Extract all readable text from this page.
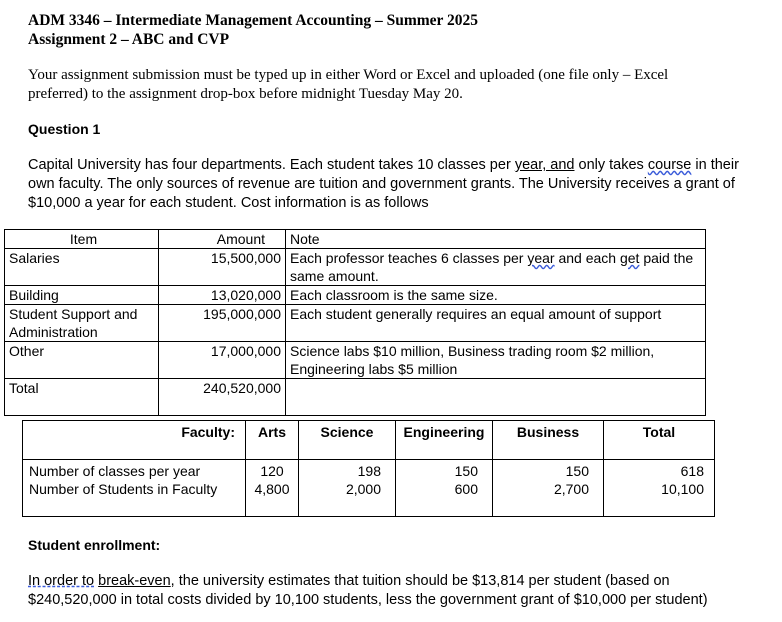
ADM 3346 – Intermediate Management Accounting – Summer 2025
Assignment 2 – ABC and CVP
Your assignment submission must be typed up in either Word or Excel and uploaded (one file only – Excel
preferred) to the assignment drop-box before midnight Tuesday May 20.
Question 1
Capital University has four departments. Each student takes 10 classes per year, and only takes course in their
own faculty. The only sources of revenue are tuition and government grants. The University receives a grant of
$10,000 a year for each student. Cost information is as follows
Item	Amount	Note
Salaries	15,500,000	Each professor teaches 6 classes per year and each get paid the
same amount.

Building	13,020,000	Each classroom is the same size.

Student Support and
Administration	195,000,000	Each student generally requires an equal amount of support
Other	17,000,000	Science labs $10 million, Business trading room $2 million,
Engineering labs $5 million

Total	240,520,000	
Faculty:	Arts	Science	Engineering	Business	Total
Number of classes per year	120	198	150	150	618
Number of Students in Faculty	4,800	2,000	600	2,700	10,100
Student enrollment:
In order to break-even, the university estimates that tuition should be $13,814 per student (based on
$240,520,000 in total costs divided by 10,100 students, less the government grant of $10,000 per student)
